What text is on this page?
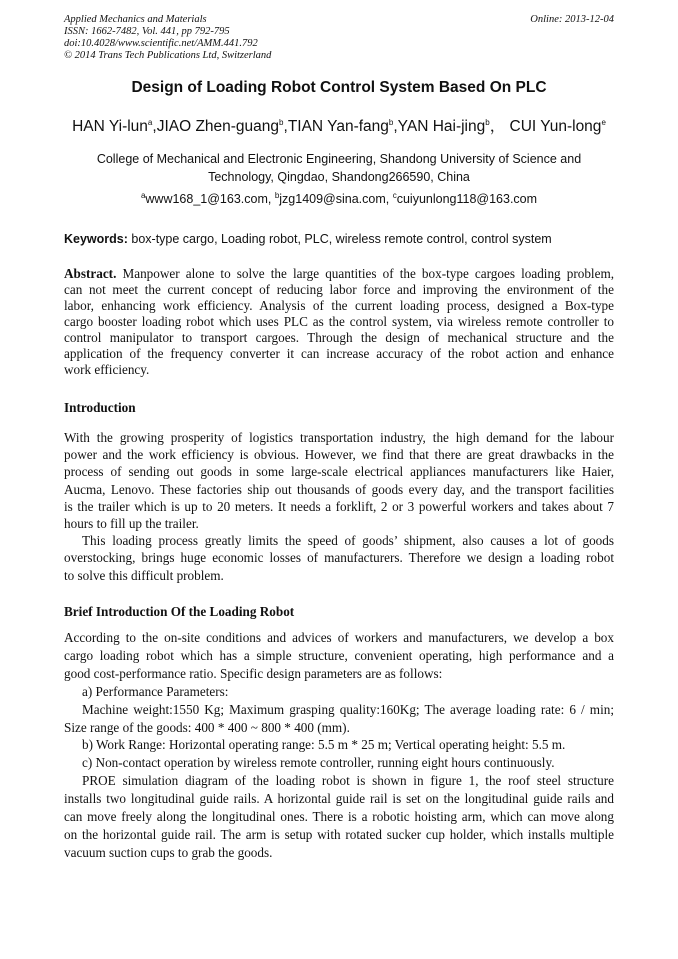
Applied Mechanics and Materials
ISSN: 1662-7482, Vol. 441, pp 792-795
doi:10.4028/www.scientific.net/AMM.441.792
© 2014 Trans Tech Publications Ltd, Switzerland
Online: 2013-12-04
Design of Loading Robot Control System Based On PLC
HAN Yi-lun$^a$,JIAO Zhen-guang$^b$,TIAN Yan-fang$^b$,YAN Hai-jing$^b$， CUI Yun-long$^e$
College of Mechanical and Electronic Engineering, Shandong University of Science and
Technology, Qingdao, Shandong266590, China
$^a$www168_1@163.com, $^b$jzg1409@sina.com, $^c$cuiyunlong118@163.com
Keywords: box-type cargo, Loading robot, PLC, wireless remote control, control system
Abstract. Manpower alone to solve the large quantities of the box-type cargoes loading problem,
can not meet the current concept of reducing labor force and improving the environment of the
labor, enhancing work efficiency. Analysis of the current loading process, designed a Box-type
cargo booster loading robot which uses PLC as the control system, via wireless remote controller to
control manipulator to transport cargoes. Through the design of mechanical structure and the
application of the frequency converter it can increase accuracy of the robot action and enhance
work efficiency.
Introduction
With the growing prosperity of logistics transportation industry, the high demand for the labour
power and the work efficiency is obvious. However, we find that there are great drawbacks in the
process of sending out goods in some large-scale electrical appliances manufacturers like Haier,
Aucma, Lenovo. These factories ship out thousands of goods every day, and the transport facilities
is the trailer which is up to 20 meters. It needs a forklift, 2 or 3 powerful workers and takes about 7
hours to fill up the trailer.
This loading process greatly limits the speed of goods’ shipment, also causes a lot of goods
overstocking, brings huge economic losses of manufacturers. Therefore we design a loading robot
to solve this difficult problem.
Brief Introduction Of the Loading Robot
According to the on-site conditions and advices of workers and manufacturers, we develop a box
cargo loading robot which has a simple structure, convenient operating, high performance and a
good cost-performance ratio. Specific design parameters are as follows:
a) Performance Parameters:
Machine weight:1550 Kg; Maximum grasping quality:160Kg; The average loading rate: 6 / min;
Size range of the goods: 400 * 400 ~ 800 * 400 (mm).
b) Work Range: Horizontal operating range: 5.5 m * 25 m; Vertical operating height: 5.5 m.
c) Non-contact operation by wireless remote controller, running eight hours continuously.
PROE simulation diagram of the loading robot is shown in figure 1, the roof steel structure
installs two longitudinal guide rails. A horizontal guide rail is set on the longitudinal guide rails and
can move freely along the longitudinal ones. There is a robotic hoisting arm, which can move along
on the horizontal guide rail. The arm is setup with rotated sucker cup holder, which installs multiple
vacuum suction cups to grab the goods.
